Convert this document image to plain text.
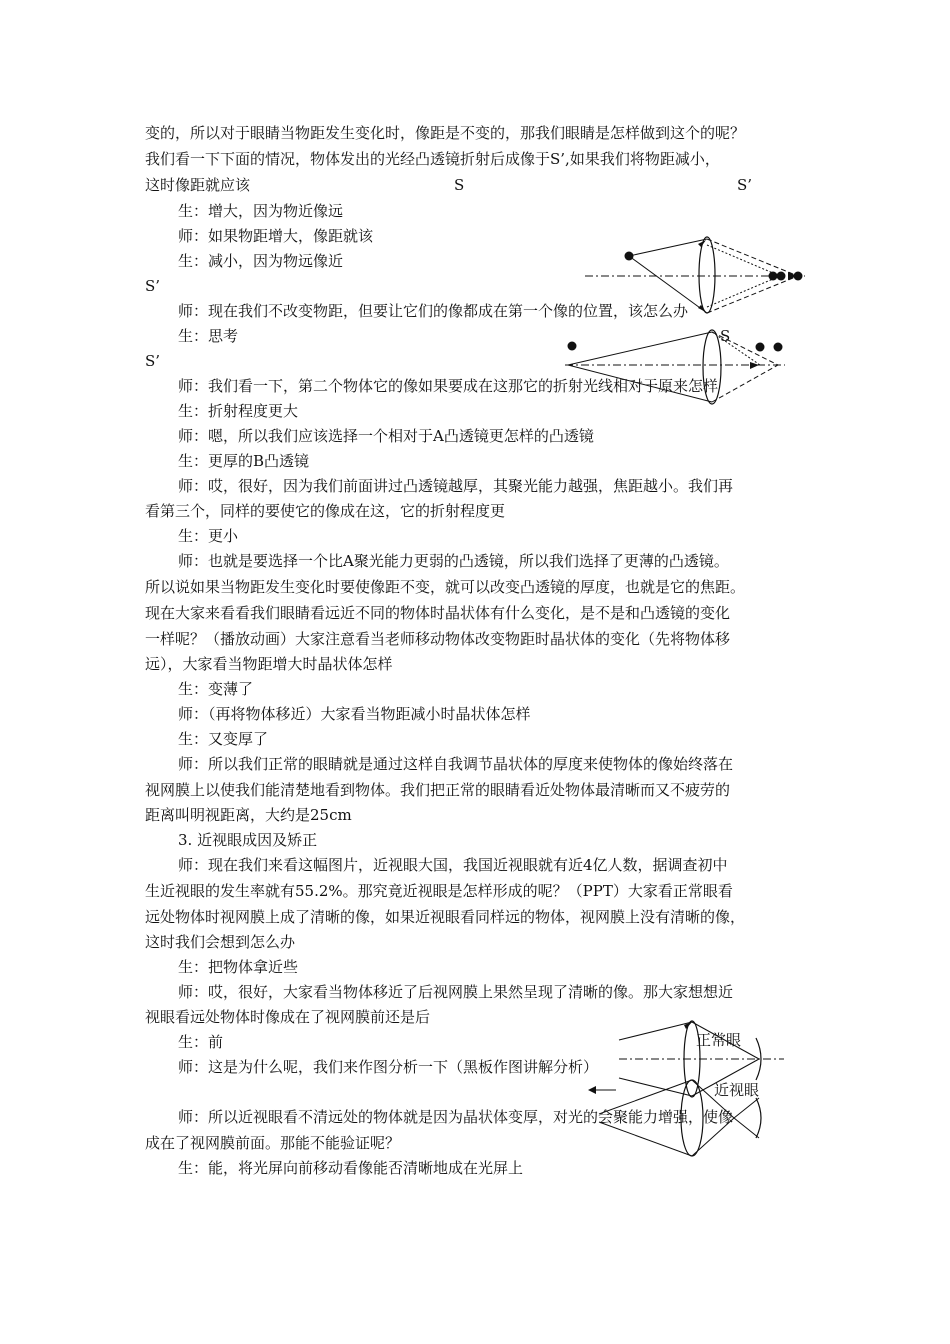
变的，所以对于眼睛当物距发生变化时，像距是不变的，那我们眼睛是怎样做到这个的呢？
我们看一下下面的情况，物体发出的光经凸透镜折射后成像于S’,如果我们将物距减小，
这时像距就应该
生：增大，因为物近像远
师：如果物距增大，像距就该
生：减小，因为物远像近
S’
师：现在我们不改变物距，但要让它们的像都成在第一个像的位置，该怎么办
生：思考
S’
师：我们看一下，第二个物体它的像如果要成在这那它的折射光线相对于原来怎样
生：折射程度更大
师：嗯，所以我们应该选择一个相对于A凸透镜更怎样的凸透镜
生：更厚的B凸透镜
师：哎，很好，因为我们前面讲过凸透镜越厚，其聚光能力越强，焦距越小。我们再
看第三个，同样的要使它的像成在这，它的折射程度更
生：更小
师：也就是要选择一个比A聚光能力更弱的凸透镜，所以我们选择了更薄的凸透镜。
所以说如果当物距发生变化时要使像距不变，就可以改变凸透镜的厚度，也就是它的焦距。
现在大家来看看我们眼睛看远近不同的物体时晶状体有什么变化，是不是和凸透镜的变化
一样呢？（播放动画）大家注意看当老师移动物体改变物距时晶状体的变化（先将物体移
远），大家看当物距增大时晶状体怎样
生：变薄了
师：（再将物体移近）大家看当物距减小时晶状体怎样
生：又变厚了
师：所以我们正常的眼睛就是通过这样自我调节晶状体的厚度来使物体的像始终落在
视网膜上以使我们能清楚地看到物体。我们把正常的眼睛看近处物体最清晰而又不疲劳的
距离叫明视距离，大约是25cm
3. 近视眼成因及矫正
师：现在我们来看这幅图片，近视眼大国，我国近视眼就有近4亿人数，据调查初中
生近视眼的发生率就有55.2%。那究竟近视眼是怎样形成的呢？（PPT）大家看正常眼看
远处物体时视网膜上成了清晰的像，如果近视眼看同样远的物体，视网膜上没有清晰的像，
这时我们会想到怎么办
生：把物体拿近些
师：哎，很好，大家看当物体移近了后视网膜上果然呈现了清晰的像。那大家想想近
视眼看远处物体时像成在了视网膜前还是后
生：前
师：这是为什么呢，我们来作图分析一下（黑板作图讲解分析）
师：所以近视眼看不清远处的物体就是因为晶状体变厚，对光的会聚能力增强，使像
成在了视网膜前面。那能不能验证呢？
生：能，将光屏向前移动看像能否清晰地成在光屏上
S	S’
S
正常眼
近视眼
